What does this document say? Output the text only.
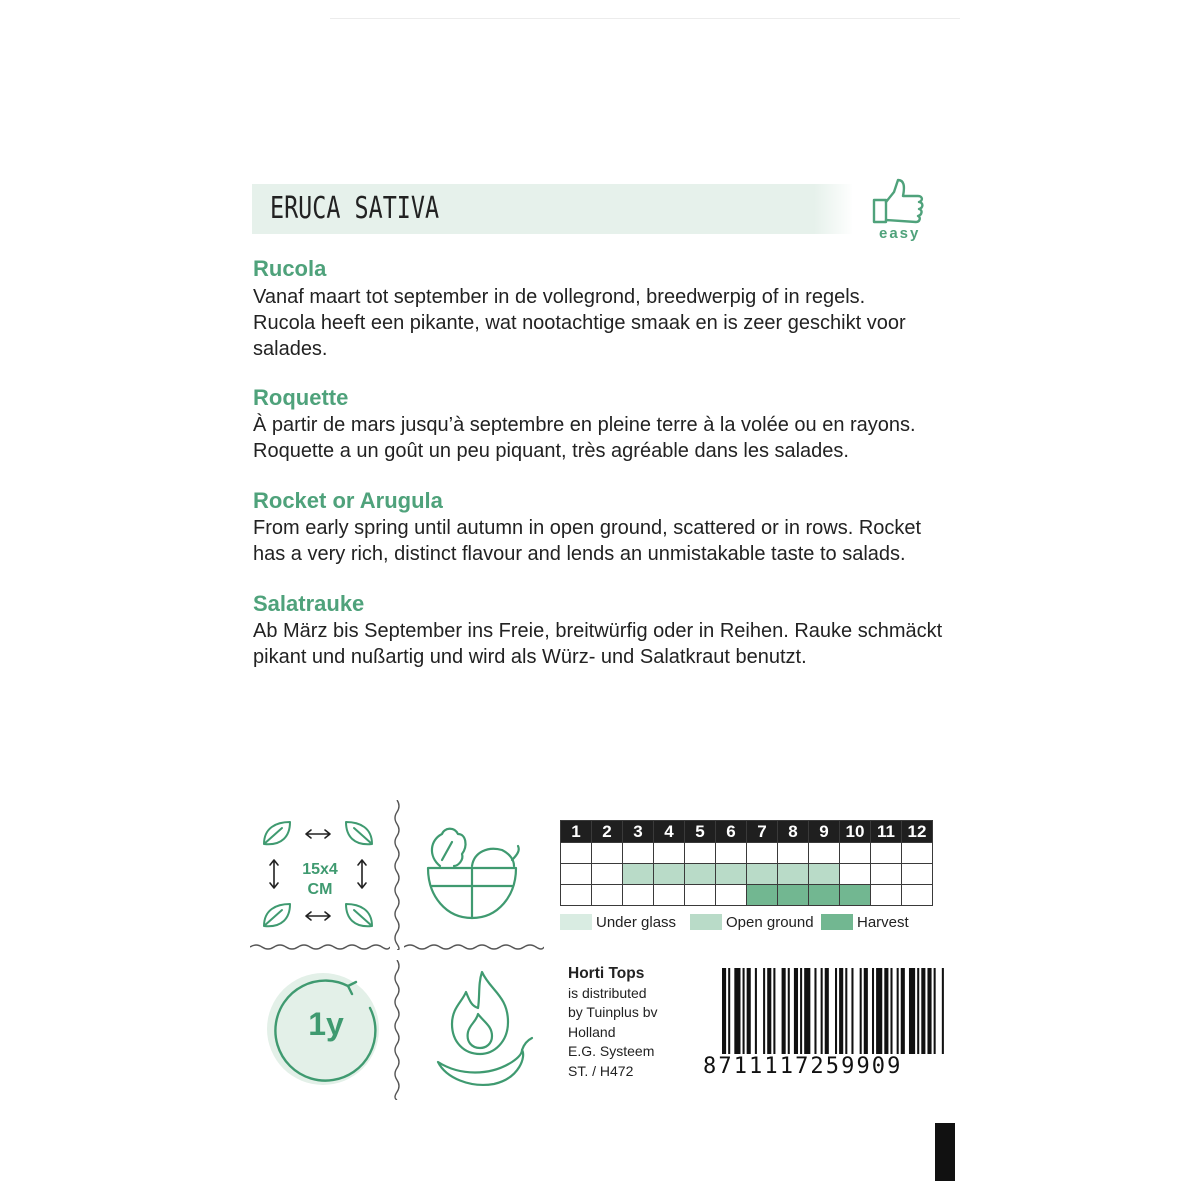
ERUCA SATIVA
easy
Rucola
Vanaf maart tot september in de vollegrond, breedwerpig of in regels.
Rucola heeft een pikante, wat nootachtige smaak en is zeer geschikt voor
salades.
Roquette
À partir de mars jusqu’à septembre en pleine terre à la volée ou en rayons.
Roquette a un goût un peu piquant, très agréable dans les salades.
Rocket or Arugula
From early spring until autumn in open ground, scattered or in rows. Rocket
has a very rich, distinct flavour and lends an unmistakable taste to salads.
Salatrauke
Ab März bis September ins Freie, breitwürfig oder in Reihen. Rauke schmäckt
pikant und nußartig und wird als Würz- und Salatkraut benutzt.
15x4
CM
1y
1	2	3	4	5	6	7	8	9	10	11	12

Under glass	Open ground	Harvest
Horti Tops
is distributed
by Tuinplus bv
Holland
E.G. Systeem
ST. / H472	8711117259909
